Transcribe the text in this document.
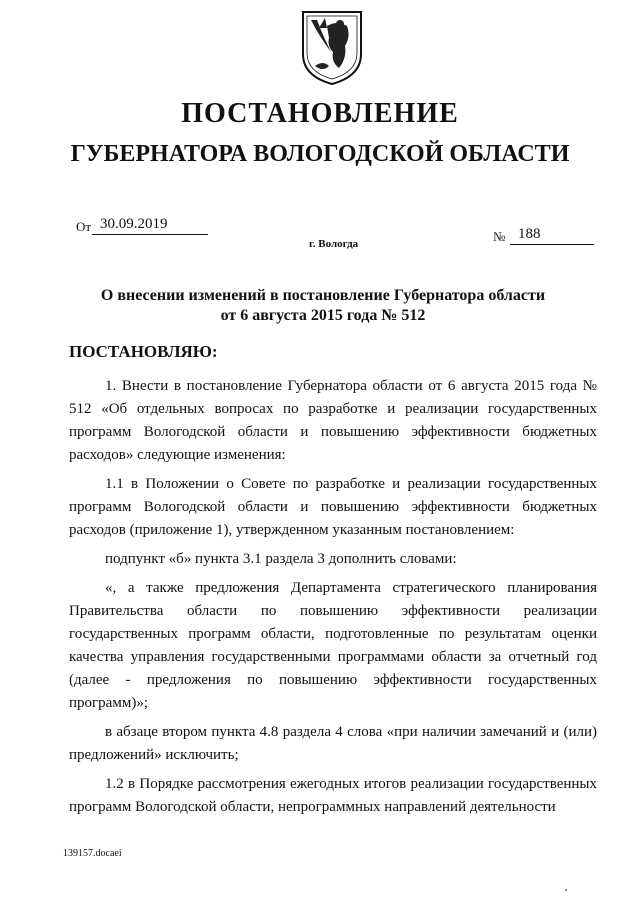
ПОСТАНОВЛЕНИЕ
ГУБЕРНАТОРА ВОЛОГОДСКОЙ ОБЛАСТИ
От 30.09.2019
№ 188
г. Вологда
О внесении изменений в постановление Губернатора области
от 6 августа 2015 года № 512
ПОСТАНОВЛЯЮ:

1. Внести в постановление Губернатора области от 6 августа 2015 года № 512 «Об отдельных вопросах по разработке и реализации государственных программ Вологодской области и повышению эффективности бюджетных расходов» следующие изменения:

1.1 в Положении о Совете по разработке и реализации государственных программ Вологодской области и повышению эффективности бюджетных расходов (приложение 1), утвержденном указанным постановлением:

подпункт «б» пункта 3.1 раздела 3 дополнить словами:

«, а также предложения Департамента стратегического планирования Правительства области по повышению эффективности реализации государственных программ области, подготовленные по результатам оценки качества управления государственными программами области за отчетный год (далее - предложения по повышению эффективности государственных программ)»;

в абзаце втором пункта 4.8 раздела 4 слова «при наличии замечаний и (или) предложений» исключить;

1.2 в Порядке рассмотрения ежегодных итогов реализации государственных программ Вологодской области, непрограммных направлений деятельности

139157.docaei
